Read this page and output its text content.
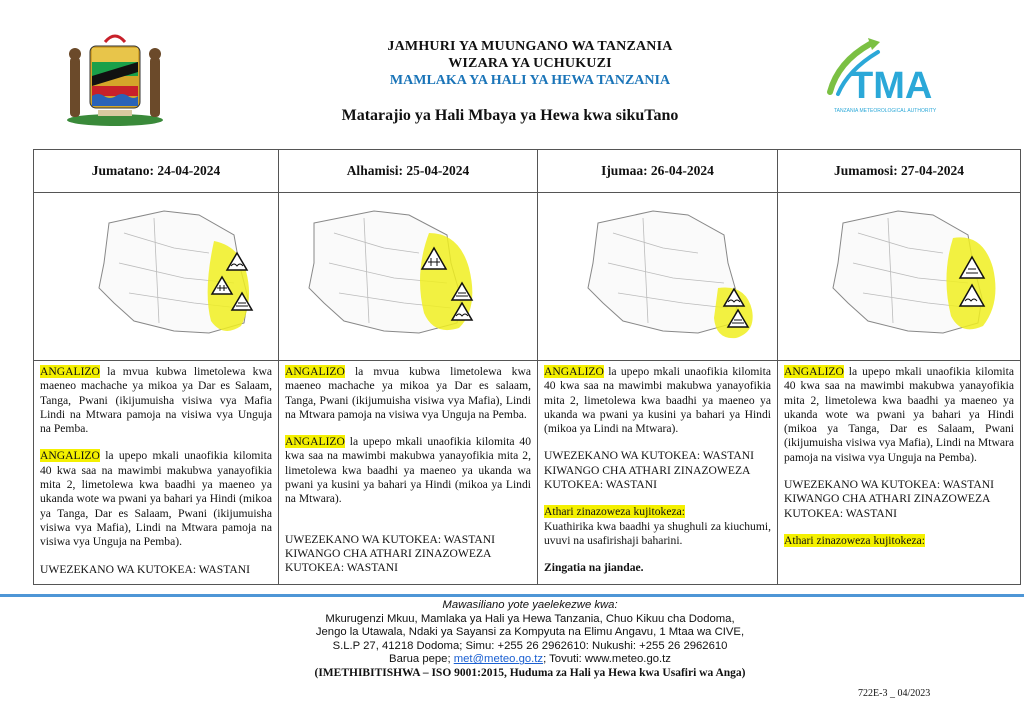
JAMHURI YA MUUNGANO WA TANZANIA
WIZARA YA UCHUKUZI
MAMLAKA YA HALI YA HEWA TANZANIA
Matarajio ya Hali Mbaya ya Hewa kwa sikuTano
TMA
TANZANIA METEOROLOGICAL AUTHORITY
Jumatano: 24-04-2024

ANGALIZO la mvua kubwa limetolewa kwa maeneo machache ya mikoa ya Dar es Salaam, Tanga, Pwani (ikijumuisha visiwa vya Mafia Lindi na Mtwara pamoja na visiwa vya Unguja na Pemba.

ANGALIZO la upepo mkali unaofikia kilomita 40 kwa saa na mawimbi makubwa yanayofikia mita 2, limetolewa kwa baadhi ya maeneo ya ukanda wote wa pwani ya bahari ya Hindi (mikoa ya Tanga, Dar es Salaam, Pwani (ikijumuisha visiwa vya Mafia), Lindi na Mtwara pamoja na visiwa vya Unguja na Pemba).

UWEZEKANO WA KUTOKEA: WASTANI

Alhamisi: 25-04-2024

ANGALIZO la mvua kubwa limetolewa kwa maeneo machache ya mikoa ya Dar es salaam, Tanga, Pwani (ikijumuisha visiwa vya Mafia), Lindi na Mtwara pamoja na visiwa vya Unguja na Pemba.

ANGALIZO la upepo mkali unaofikia kilomita 40 kwa saa na mawimbi makubwa yanayofikia mita 2, limetolewa kwa baadhi ya maeneo ya ukanda wa pwani ya kusini ya bahari ya Hindi (mikoa ya Lindi na Mtwara).

UWEZEKANO WA KUTOKEA: WASTANI KIWANGO CHA ATHARI ZINAZOWEZA KUTOKEA: WASTANI

Ijumaa: 26-04-2024

ANGALIZO la upepo mkali unaofikia kilomita 40 kwa saa na mawimbi makubwa yanayofikia mita 2, limetolewa kwa baadhi ya maeneo ya ukanda wa pwani ya kusini ya bahari ya Hindi (mikoa ya Lindi na Mtwara).

UWEZEKANO WA KUTOKEA: WASTANI KIWANGO CHA ATHARI ZINAZOWEZA KUTOKEA: WASTANI

Athari zinazoweza kujitokeza:

Kuathirika kwa baadhi ya shughuli za kiuchumi, uvuvi na usafirishaji baharini.

Zingatia na jiandae.

Jumamosi: 27-04-2024

ANGALIZO la upepo mkali unaofikia kilomita 40 kwa saa na mawimbi makubwa yanayofikia mita 2, limetolewa kwa baadhi ya maeneo ya ukanda wote wa pwani ya bahari ya Hindi (mikoa ya Tanga, Dar es Salaam, Pwani (ikijumuisha visiwa vya Mafia), Lindi na Mtwara pamoja na visiwa vya Unguja na Pemba).

UWEZEKANO WA KUTOKEA: WASTANI KIWANGO CHA ATHARI ZINAZOWEZA KUTOKEA: WASTANI

Athari zinazoweza kujitokeza:

Mawasiliano yote yaelekezwe kwa:
Mkurugenzi Mkuu, Mamlaka ya Hali ya Hewa Tanzania, Chuo Kikuu cha Dodoma,
Jengo la Utawala, Ndaki ya Sayansi za Kompyuta na Elimu Angavu, 1 Mtaa wa CIVE,
S.L.P 27, 41218 Dodoma; Simu: +255 26 2962610: Nukushi: +255 26 2962610
Barua pepe; met@meteo.go.tz; Tovuti: www.meteo.go.tz
(IMETHIBITISHWA – ISO 9001:2015, Huduma za Hali ya Hewa kwa Usafiri wa Anga)
722E-3 _ 04/2023
